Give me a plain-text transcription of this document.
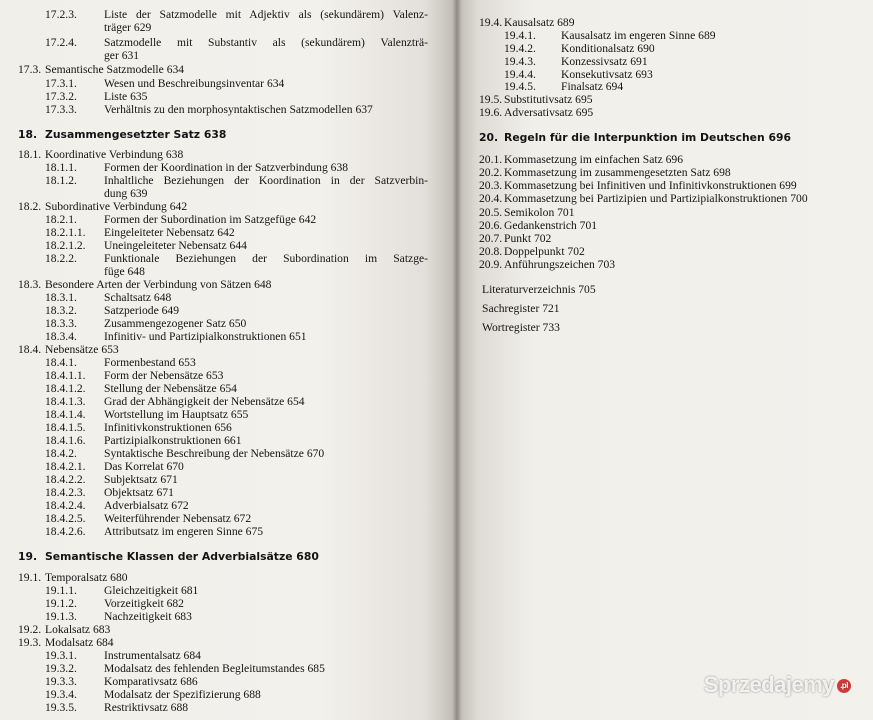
17.2.3. Liste der Satzmodelle mit Adjektiv als (sekundärem) Valenz-
träger 629
17.2.4. Satzmodelle mit Substantiv als (sekundärem) Valenzträ-
ger 631
17.3. Semantische Satzmodelle 634
17.3.1. Wesen und Beschreibungsinventar 634
17.3.2. Liste 635
17.3.3. Verhältnis zu den morphosyntaktischen Satzmodellen 637
18. Zusammengesetzter Satz 638
18.1. Koordinative Verbindung 638
18.1.1. Formen der Koordination in der Satzverbindung 638
18.1.2. Inhaltliche Beziehungen der Koordination in der Satzverbin-
dung 639
18.2. Subordinative Verbindung 642
18.2.1. Formen der Subordination im Satzgefüge 642
18.2.1.1. Eingeleiteter Nebensatz 642
18.2.1.2. Uneingeleiteter Nebensatz 644
18.2.2. Funktionale Beziehungen der Subordination im Satzge-
füge 648
18.3. Besondere Arten der Verbindung von Sätzen 648
18.3.1. Schaltsatz 648
18.3.2. Satzperiode 649
18.3.3. Zusammengezogener Satz 650
18.3.4. Infinitiv- und Partizipialkonstruktionen 651
18.4. Nebensätze 653
18.4.1. Formenbestand 653
18.4.1.1. Form der Nebensätze 653
18.4.1.2. Stellung der Nebensätze 654
18.4.1.3. Grad der Abhängigkeit der Nebensätze 654
18.4.1.4. Wortstellung im Hauptsatz 655
18.4.1.5. Infinitivkonstruktionen 656
18.4.1.6. Partizipialkonstruktionen 661
18.4.2. Syntaktische Beschreibung der Nebensätze 670
18.4.2.1. Das Korrelat 670
18.4.2.2. Subjektsatz 671
18.4.2.3. Objektsatz 671
18.4.2.4. Adverbialsatz 672
18.4.2.5. Weiterführender Nebensatz 672
18.4.2.6. Attributsatz im engeren Sinne 675
19. Semantische Klassen der Adverbialsätze 680
19.1. Temporalsatz 680
19.1.1. Gleichzeitigkeit 681
19.1.2. Vorzeitigkeit 682
19.1.3. Nachzeitigkeit 683
19.2. Lokalsatz 683
19.3. Modalsatz 684
19.3.1. Instrumentalsatz 684
19.3.2. Modalsatz des fehlenden Begleitumstandes 685
19.3.3. Komparativsatz 686
19.3.4. Modalsatz der Spezifizierung 688
19.3.5. Restriktivsatz 688
19.4. Kausalsatz 689
19.4.1. Kausalsatz im engeren Sinne 689
19.4.2. Konditionalsatz 690
19.4.3. Konzessivsatz 691
19.4.4. Konsekutivsatz 693
19.4.5. Finalsatz 694
19.5. Substitutivsatz 695
19.6. Adversativsatz 695
20. Regeln für die Interpunktion im Deutschen 696
20.1. Kommasetzung im einfachen Satz 696
20.2. Kommasetzung im zusammengesetzten Satz 698
20.3. Kommasetzung bei Infinitiven und Infinitivkonstruktionen 699
20.4. Kommasetzung bei Partizipien und Partizipialkonstruktionen 700
20.5. Semikolon 701
20.6. Gedankenstrich 701
20.7. Punkt 702
20.8. Doppelpunkt 702
20.9. Anführungszeichen 703
Literaturverzeichnis 705
Sachregister 721
Wortregister 733
Sprzedajemy .pl
